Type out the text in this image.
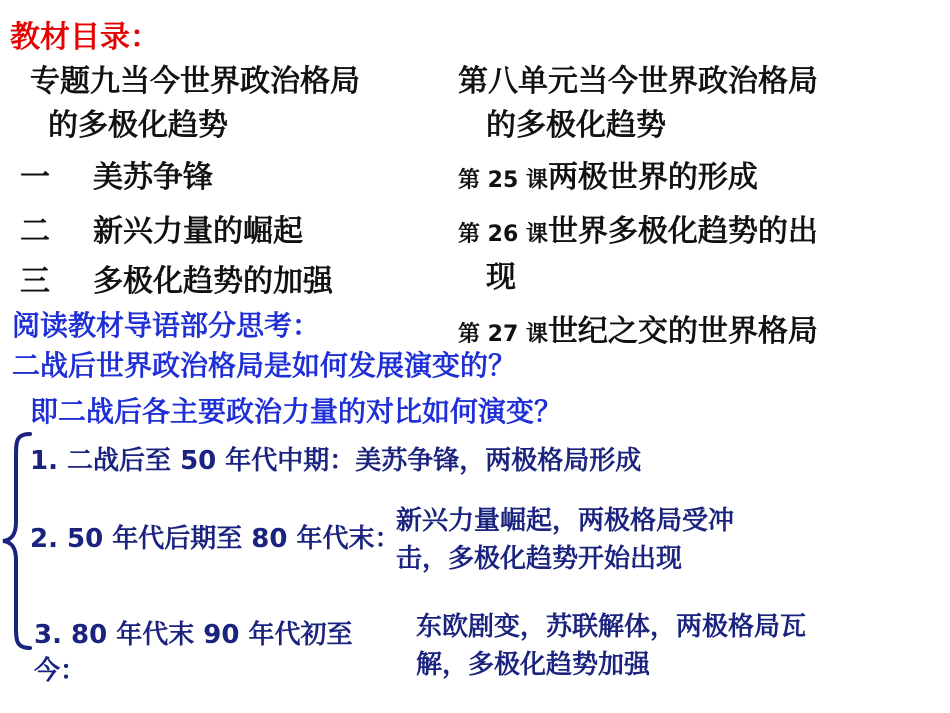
教材目录：
专题九当今世界政治格局
的多极化趋势
一 美苏争锋
二 新兴力量的崛起
三 多极化趋势的加强
第八单元当今世界政治格局
的多极化趋势
第 25 课两极世界的形成
第 26 课世界多极化趋势的出
现
第 27 课世纪之交的世界格局
阅读教材导语部分思考：
二战后世界政治格局是如何发展演变的？
即二战后各主要政治力量的对比如何演变？
1. 二战后至 50 年代中期：美苏争锋，两极格局形成
2. 50 年代后期至 80 年代末：
新兴力量崛起，两极格局受冲
击，多极化趋势开始出现
3. 80 年代末 90 年代初至
今：
东欧剧变，苏联解体，两极格局瓦
解，多极化趋势加强
